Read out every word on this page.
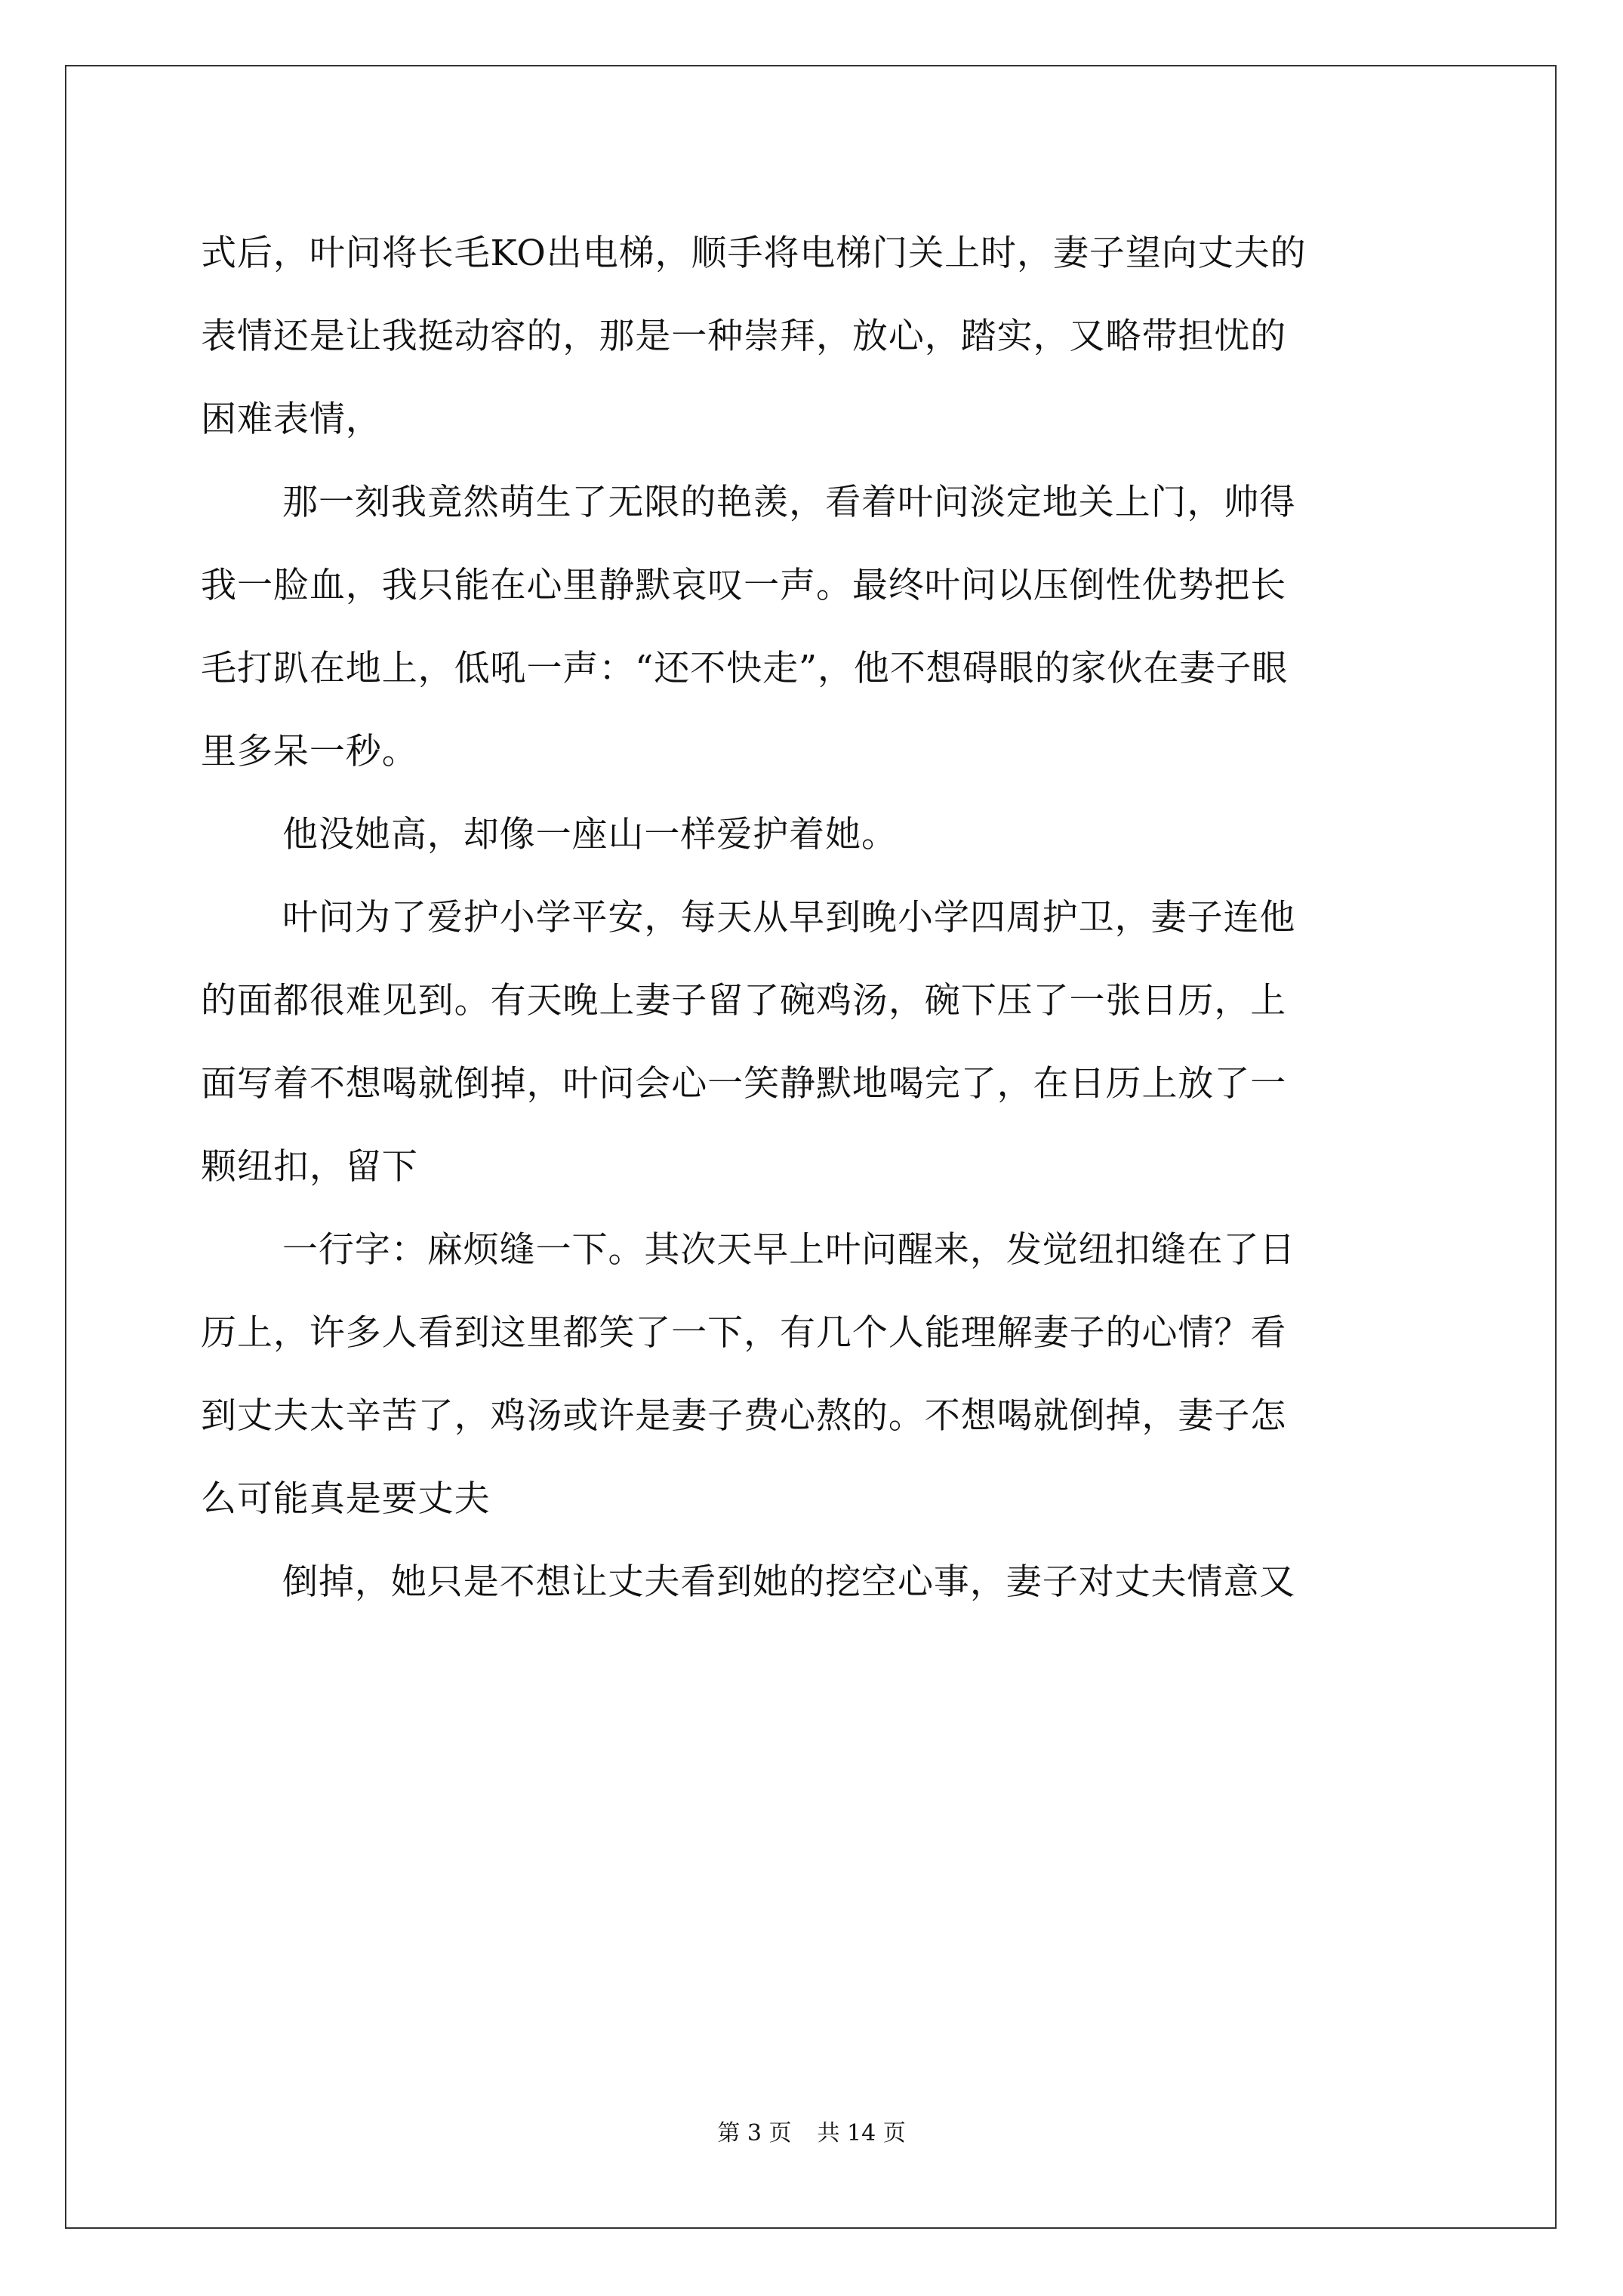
式后，叶问将长毛KO出电梯，顺手将电梯门关上时，妻子望向丈夫的
表情还是让我挺动容的，那是一种崇拜，放心，踏实，又略带担忧的
困难表情，
那一刻我竟然萌生了无限的艳羡，看着叶问淡定地关上门，帅得
我一脸血，我只能在心里静默哀叹一声。最终叶问以压倒性优势把长
毛打趴在地上，低吼一声：“还不快走”，他不想碍眼的家伙在妻子眼
里多呆一秒。
他没她高，却像一座山一样爱护着她。
叶问为了爱护小学平安，每天从早到晚小学四周护卫，妻子连他
的面都很难见到。有天晚上妻子留了碗鸡汤，碗下压了一张日历，上
面写着不想喝就倒掉，叶问会心一笑静默地喝完了，在日历上放了一
颗纽扣，留下
一行字：麻烦缝一下。其次天早上叶问醒来，发觉纽扣缝在了日
历上，许多人看到这里都笑了一下，有几个人能理解妻子的心情？看
到丈夫太辛苦了，鸡汤或许是妻子费心熬的。不想喝就倒掉，妻子怎
么可能真是要丈夫
倒掉，她只是不想让丈夫看到她的挖空心事，妻子对丈夫情意又
第 3 页 共 14 页
